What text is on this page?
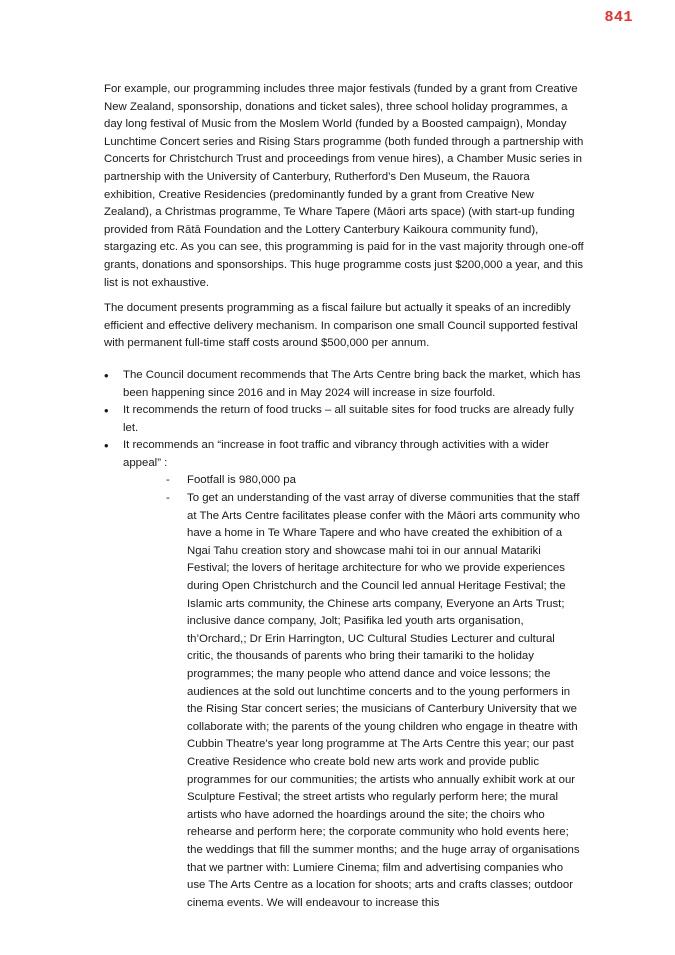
841

For example, our programming includes three major festivals (funded by a grant from Creative New Zealand, sponsorship, donations and ticket sales), three school holiday programmes, a day long festival of Music from the Moslem World (funded by a Boosted campaign), Monday Lunchtime Concert series and Rising Stars programme (both funded through a partnership with Concerts for Christchurch Trust and proceedings from venue hires), a Chamber Music series in partnership with the University of Canterbury, Rutherford’s Den Museum, the Rauora exhibition, Creative Residencies (predominantly funded by a grant from Creative New Zealand), a Christmas programme, Te Whare Tapere (Māori arts space) (with start-up funding provided from Rātā Foundation and the Lottery Canterbury Kaikoura community fund), stargazing etc. As you can see, this programming is paid for in the vast majority through one-off grants, donations and sponsorships. This huge programme costs just $200,000 a year, and this list is not exhaustive.

The document presents programming as a fiscal failure but actually it speaks of an incredibly efficient and effective delivery mechanism. In comparison one small Council supported festival with permanent full-time staff costs around $500,000 per annum.

• The Council document recommends that The Arts Centre bring back the market, which has been happening since 2016 and in May 2024 will increase in size fourfold.
• It recommends the return of food trucks – all suitable sites for food trucks are already fully let.
• It recommends an “increase in foot traffic and vibrancy through activities with a wider appeal” :
- Footfall is 980,000 pa
- To get an understanding of the vast array of diverse communities that the staff at The Arts Centre facilitates please confer with the Māori arts community who have a home in Te Whare Tapere and who have created the exhibition of a Ngai Tahu creation story and showcase mahi toi in our annual Matariki Festival; the lovers of heritage architecture for who we provide experiences during Open Christchurch and the Council led annual Heritage Festival; the Islamic arts community, the Chinese arts company, Everyone an Arts Trust; inclusive dance company, Jolt; Pasifika led youth arts organisation, th’Orchard,; Dr Erin Harrington, UC Cultural Studies Lecturer and cultural critic, the thousands of parents who bring their tamariki to the holiday programmes; the many people who attend dance and voice lessons; the audiences at the sold out lunchtime concerts and to the young performers in the Rising Star concert series; the musicians of Canterbury University that we collaborate with; the parents of the young children who engage in theatre with Cubbin Theatre’s year long programme at The Arts Centre this year; our past Creative Residence who create bold new arts work and provide public programmes for our communities; the artists who annually exhibit work at our Sculpture Festival; the street artists who regularly perform here; the mural artists who have adorned the hoardings around the site; the choirs who rehearse and perform here; the corporate community who hold events here; the weddings that fill the summer months; and the huge array of organisations that we partner with: Lumiere Cinema; film and advertising companies who use The Arts Centre as a location for shoots; arts and crafts classes; outdoor cinema events. We will endeavour to increase this
